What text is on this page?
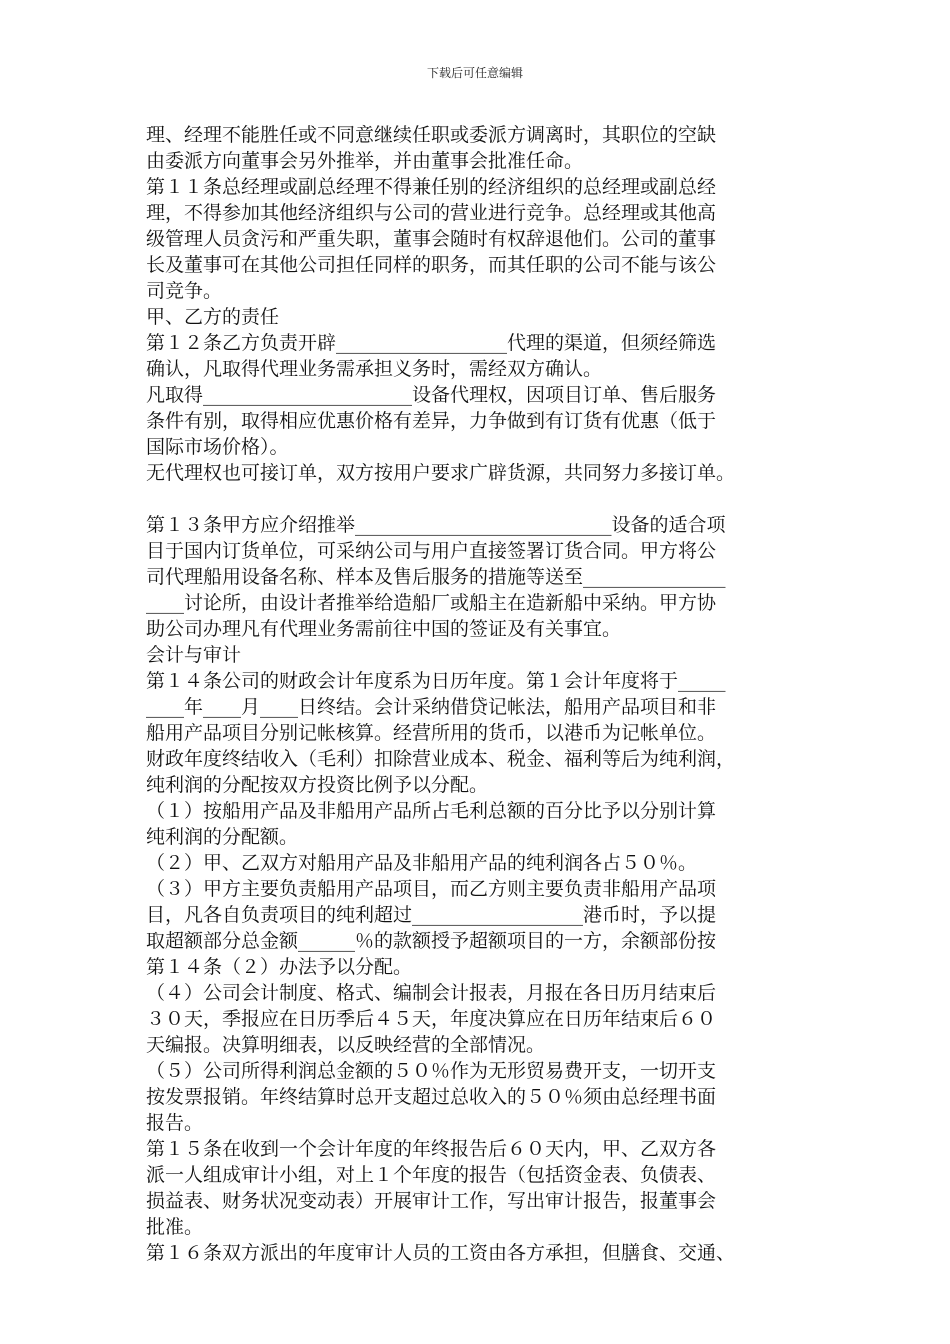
下载后可任意编辑
理、经理不能胜任或不同意继续任职或委派方调离时，其职位的空缺
由委派方向董事会另外推举，并由董事会批准任命。
第１１条总经理或副总经理不得兼任别的经济组织的总经理或副总经
理，不得参加其他经济组织与公司的营业进行竞争。总经理或其他高
级管理人员贪污和严重失职，董事会随时有权辞退他们。公司的董事
长及董事可在其他公司担任同样的职务，而其任职的公司不能与该公
司竞争。
甲、乙方的责任
第１２条乙方负责开辟__________________代理的渠道，但须经筛选
确认，凡取得代理业务需承担义务时，需经双方确认。
凡取得______________________设备代理权，因项目订单、售后服务
条件有别，取得相应优惠价格有差异，力争做到有订货有优惠（低于
国际市场价格）。
无代理权也可接订单，双方按用户要求广辟货源，共同努力多接订单。
第１３条甲方应介绍推举___________________________设备的适合项
目于国内订货单位，可采纳公司与用户直接签署订货合同。甲方将公
司代理船用设备名称、样本及售后服务的措施等送至_______________
____讨论所，由设计者推举给造船厂或船主在造新船中采纳。甲方协
助公司办理凡有代理业务需前往中国的签证及有关事宜。
会计与审计
第１４条公司的财政会计年度系为日历年度。第１会计年度将于_____
____年____月____日终结。会计采纳借贷记帐法，船用产品项目和非
船用产品项目分别记帐核算。经营所用的货币，以港币为记帐单位。
财政年度终结收入（毛利）扣除营业成本、税金、福利等后为纯利润，
纯利润的分配按双方投资比例予以分配。
（１）按船用产品及非船用产品所占毛利总额的百分比予以分别计算
纯利润的分配额。
（２）甲、乙双方对船用产品及非船用产品的纯利润各占５０％。
（３）甲方主要负责船用产品项目，而乙方则主要负责非船用产品项
目，凡各自负责项目的纯利超过__________________港币时，予以提
取超额部分总金额______％的款额授予超额项目的一方，余额部份按
第１４条（２）办法予以分配。
（４）公司会计制度、格式、编制会计报表，月报在各日历月结束后
３０天，季报应在日历季后４５天，年度决算应在日历年结束后６０
天编报。决算明细表，以反映经营的全部情况。
（５）公司所得利润总金额的５０％作为无形贸易费开支，一切开支
按发票报销。年终结算时总开支超过总收入的５０％须由总经理书面
报告。
第１５条在收到一个会计年度的年终报告后６０天内，甲、乙双方各
派一人组成审计小组，对上１个年度的报告（包括资金表、负债表、
损益表、财务状况变动表）开展审计工作，写出审计报告，报董事会
批准。
第１６条双方派出的年度审计人员的工资由各方承担，但膳食、交通、
